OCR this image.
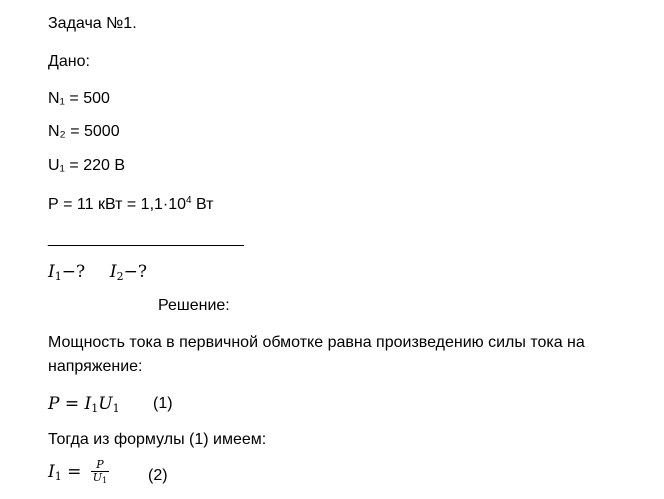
Задача №1.
Дано:
N₁ = 500
N₂ = 5000
U₁ = 220 В
Р = 11 кВт = $1,1\cdot 10^4$ Вт
______________________
$I_1-$? $I_2-$?
Решение:
Мощность тока в первичной обмотке равна произведению силы тока на
напряжение:
$P = I_1U_1$ (1)
Тогда из формулы (1) имеем:
$I_1 = \frac{P}{U_1} (2)$
